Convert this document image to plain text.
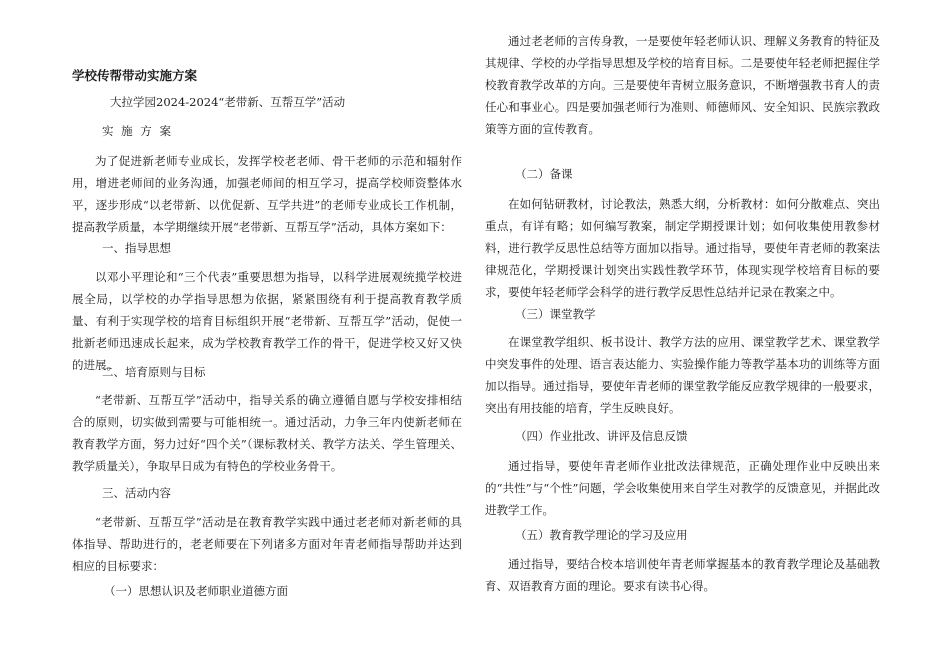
学校传帮带动实施方案
大拉学园2024-2024“老带新、互帮互学”活动
实 施 方 案

为了促进新老师专业成长，发挥学校老老师、骨干老师的示范和辐射作用，增进老师间的业务沟通，加强老师间的相互学习，提高学校师资整体水平，逐步形成“以老带新、以优促新、互学共进”的老师专业成长工作机制，提高教学质量，本学期继续开展“老带新、互帮互学”活动，具体方案如下：

一、指导思想

以邓小平理论和“三个代表”重要思想为指导，以科学进展观统揽学校进展全局，以学校的办学指导思想为依据，紧紧围绕有利于提高教育教学质量、有利于实现学校的培育目标组织开展“老带新、互帮互学”活动，促使一批新老师迅速成长起来，成为学校教育教学工作的骨干，促进学校又好又快的进展。

二、培育原则与目标

“老带新、互帮互学”活动中，指导关系的确立遵循自愿与学校安排相结合的原则，切实做到需要与可能相统一。通过活动，力争三年内使新老师在教育教学方面，努力过好“四个关”（课标教材关、教学方法关、学生管理关、教学质量关），争取早日成为有特色的学校业务骨干。

三、活动内容

“老带新、互帮互学”活动是在教育教学实践中通过老老师对新老师的具体指导、帮助进行的，老老师要在下列诸多方面对年青老师指导帮助并达到相应的目标要求：

（一）思想认识及老师职业道德方面

通过老老师的言传身教，一是要使年轻老师认识、理解义务教育的特征及其规律、学校的办学指导思想及学校的培育目标。二是要使年轻老师把握住学校教育教学改革的方向。三是要使年青树立服务意识，不断增强教书育人的责任心和事业心。四是要加强老师行为准则、师德师风、安全知识、民族宗教政策等方面的宣传教育。

（二）备课

在如何钻研教材，讨论教法，熟悉大纲，分析教材：如何分散难点、突出重点，有详有略；如何编写教案，制定学期授课计划；如何收集使用教参材料，进行教学反思性总结等方面加以指导。通过指导，要使年青老师的教案法律规范化，学期授课计划突出实践性教学环节，体现实现学校培育目标的要求，要使年轻老师学会科学的进行教学反思性总结并记录在教案之中。

（三）课堂教学

在课堂教学组织、板书设计、教学方法的应用、课堂教学艺术、课堂教学中突发事件的处理、语言表达能力、实验操作能力等教学基本功的训练等方面加以指导。通过指导，要使年青老师的课堂教学能反应教学规律的一般要求，突出有用技能的培育，学生反映良好。

（四）作业批改、讲评及信息反馈

通过指导，要使年青老师作业批改法律规范，正确处理作业中反映出来的“共性”与“个性”问题，学会收集使用来自学生对教学的反馈意见，并据此改进教学工作。

（五）教育教学理论的学习及应用

通过指导，要结合校本培训使年青老师掌握基本的教育教学理论及基础教育、双语教育方面的理论。要求有读书心得。
